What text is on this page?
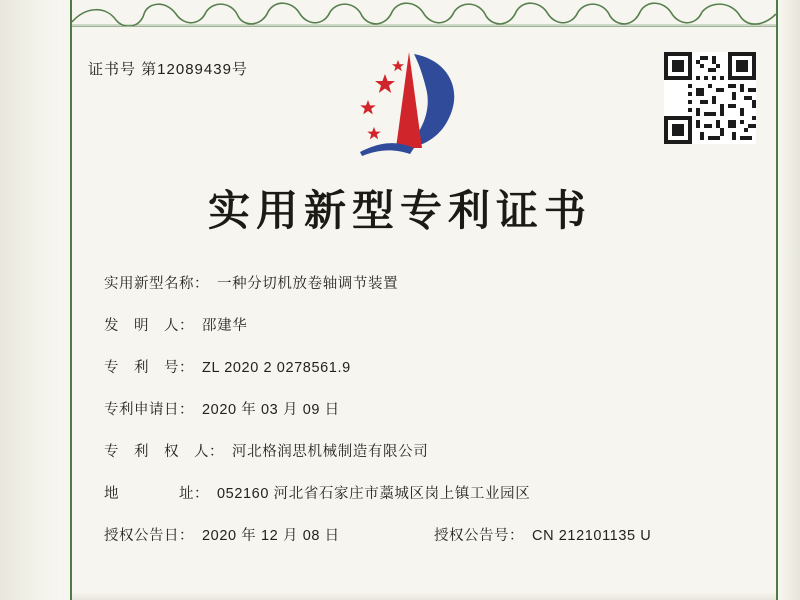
证书号 第12089439号
实用新型专利证书
实用新型名称： 一种分切机放卷轴调节装置
发　明　人： 邵建华
专　利　号： ZL 2020 2 0278561.9
专利申请日： 2020 年 03 月 09 日
专　利　权　人： 河北格润思机械制造有限公司
地　　　　址： 052160 河北省石家庄市藁城区岗上镇工业园区
授权公告日： 2020 年 12 月 08 日	授权公告号： CN 212101135 U
